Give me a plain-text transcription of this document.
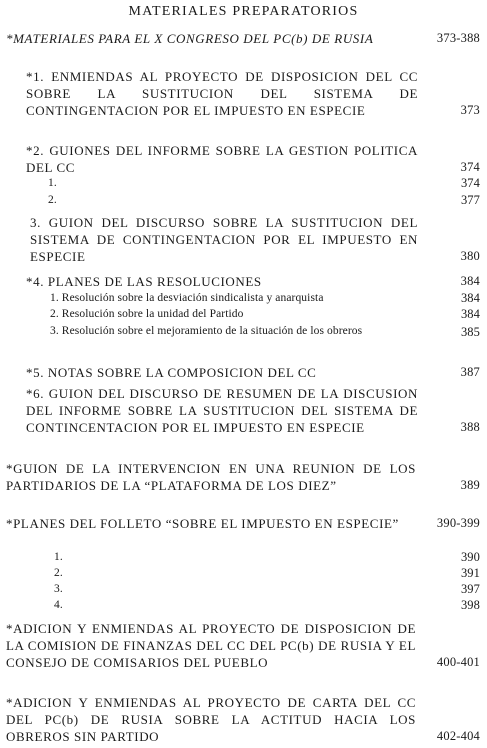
MATERIALES PREPARATORIOS
*MATERIALES PARA EL X CONGRESO DEL PC(b) DE RUSIA	373-388
*1. ENMIENDAS AL PROYECTO DE DISPOSICION DEL CC SOBRE LA SUSTITUCION DEL SISTEMA DE CONTINGENTACION POR EL IMPUESTO EN ESPECIE	373
*2. GUIONES DEL INFORME SOBRE LA GESTION POLITICA DEL CC	374
1.	374
2.	377
3. GUION DEL DISCURSO SOBRE LA SUSTITUCION DEL SISTEMA DE CONTINGENTACION POR EL IMPUESTO EN ESPECIE	380
*4. PLANES DE LAS RESOLUCIONES	384
1. Resolución sobre la desviación sindicalista y anarquista	384
2. Resolución sobre la unidad del Partido	384
3. Resolución sobre el mejoramiento de la situación de los obreros	385
*5. NOTAS SOBRE LA COMPOSICION DEL CC	387
*6. GUION DEL DISCURSO DE RESUMEN DE LA DISCUSION DEL INFORME SOBRE LA SUSTITUCION DEL SISTEMA DE CONTINCENTACION POR EL IMPUESTO EN ESPECIE	388
*GUION DE LA INTERVENCION EN UNA REUNION DE LOS PARTIDARIOS DE LA “PLATAFORMA DE LOS DIEZ”	389
*PLANES DEL FOLLETO “SOBRE EL IMPUESTO EN ESPECIE”	390-399
1.	390
2.	391
3.	397
4.	398
*ADICION Y ENMIENDAS AL PROYECTO DE DISPOSICION DE LA COMISION DE FINANZAS DEL CC DEL PC(b) DE RUSIA Y EL CONSEJO DE COMISARIOS DEL PUEBLO	400-401
*ADICION Y ENMIENDAS AL PROYECTO DE CARTA DEL CC DEL PC(b) DE RUSIA SOBRE LA ACTITUD HACIA LOS OBREROS SIN PARTIDO	402-404
